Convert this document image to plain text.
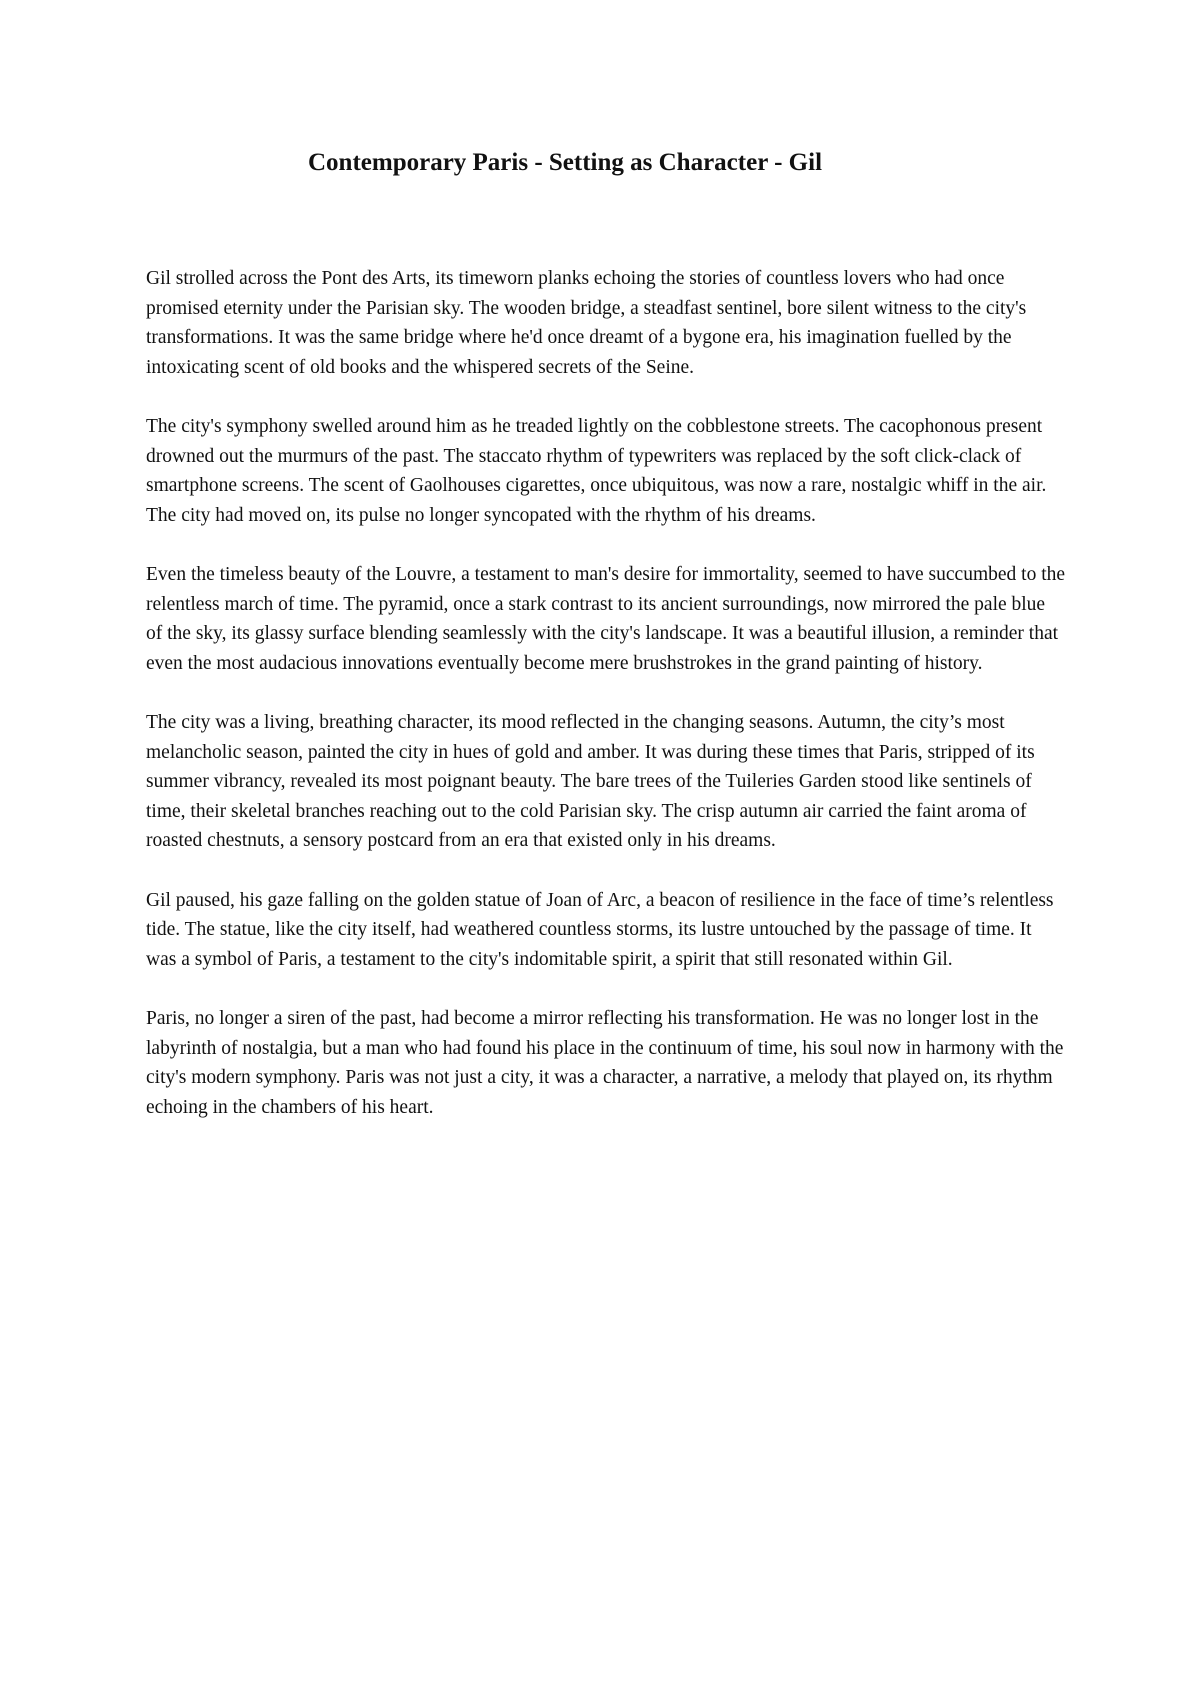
Contemporary Paris - Setting as Character - Gil

Gil strolled across the Pont des Arts, its timeworn planks echoing the stories of countless lovers who had once promised eternity under the Parisian sky. The wooden bridge, a steadfast sentinel, bore silent witness to the city's transformations. It was the same bridge where he'd once dreamt of a bygone era, his imagination fuelled by the intoxicating scent of old books and the whispered secrets of the Seine.

The city's symphony swelled around him as he treaded lightly on the cobblestone streets. The cacophonous present drowned out the murmurs of the past. The staccato rhythm of typewriters was replaced by the soft click-clack of smartphone screens. The scent of Gaolhouses cigarettes, once ubiquitous, was now a rare, nostalgic whiff in the air. The city had moved on, its pulse no longer syncopated with the rhythm of his dreams.

Even the timeless beauty of the Louvre, a testament to man's desire for immortality, seemed to have succumbed to the relentless march of time. The pyramid, once a stark contrast to its ancient surroundings, now mirrored the pale blue of the sky, its glassy surface blending seamlessly with the city's landscape. It was a beautiful illusion, a reminder that even the most audacious innovations eventually become mere brushstrokes in the grand painting of history.

The city was a living, breathing character, its mood reflected in the changing seasons. Autumn, the city’s most melancholic season, painted the city in hues of gold and amber. It was during these times that Paris, stripped of its summer vibrancy, revealed its most poignant beauty. The bare trees of the Tuileries Garden stood like sentinels of time, their skeletal branches reaching out to the cold Parisian sky. The crisp autumn air carried the faint aroma of roasted chestnuts, a sensory postcard from an era that existed only in his dreams.

Gil paused, his gaze falling on the golden statue of Joan of Arc, a beacon of resilience in the face of time’s relentless tide. The statue, like the city itself, had weathered countless storms, its lustre untouched by the passage of time. It was a symbol of Paris, a testament to the city's indomitable spirit, a spirit that still resonated within Gil.

Paris, no longer a siren of the past, had become a mirror reflecting his transformation. He was no longer lost in the labyrinth of nostalgia, but a man who had found his place in the continuum of time, his soul now in harmony with the city's modern symphony. Paris was not just a city, it was a character, a narrative, a melody that played on, its rhythm echoing in the chambers of his heart.
